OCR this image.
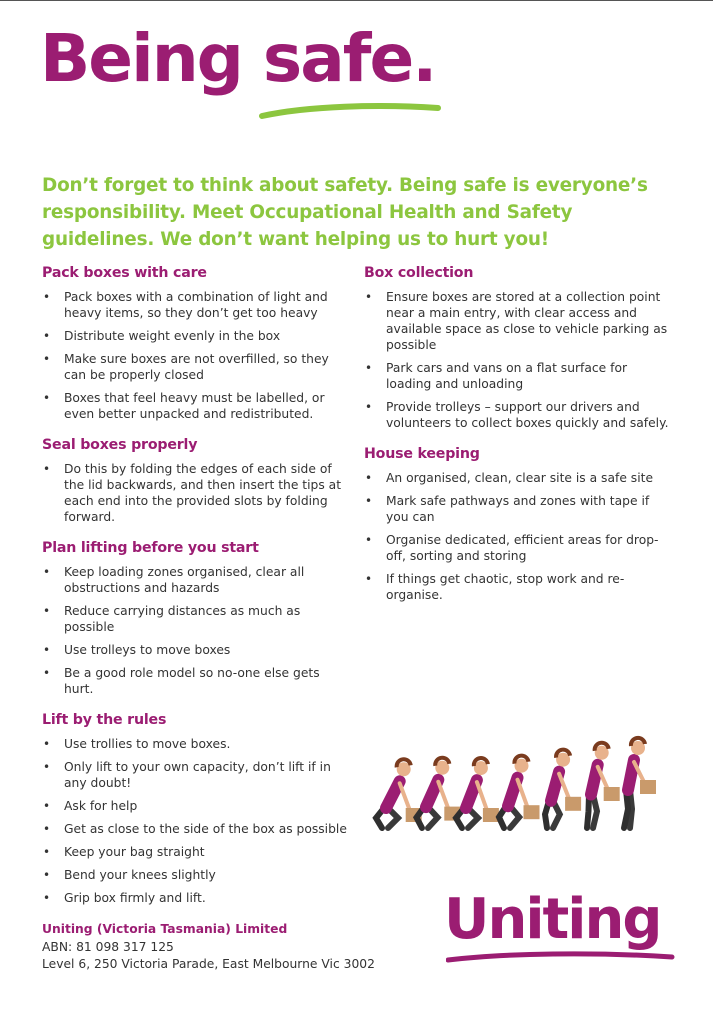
Being safe.

Don’t forget to think about safety. Being safe is everyone’s responsibility. Meet Occupational Health and Safety guidelines. We don’t want helping us to hurt you!

Pack boxes with care
• Pack boxes with a combination of light and heavy items, so they don’t get too heavy
• Distribute weight evenly in the box
• Make sure boxes are not overfilled, so they can be properly closed
• Boxes that feel heavy must be labelled, or even better unpacked and redistributed.
Seal boxes properly
• Do this by folding the edges of each side of the lid backwards, and then insert the tips at each end into the provided slots by folding forward.
Plan lifting before you start
• Keep loading zones organised, clear all obstructions and hazards
• Reduce carrying distances as much as possible
• Use trolleys to move boxes
• Be a good role model so no-one else gets hurt.
Lift by the rules
• Use trollies to move boxes.
• Only lift to your own capacity, don’t lift if in any doubt!
• Ask for help
• Get as close to the side of the box as possible
• Keep your bag straight
• Bend your knees slightly
• Grip box firmly and lift.
Box collection
• Ensure boxes are stored at a collection point near a main entry, with clear access and available space as close to vehicle parking as possible
• Park cars and vans on a flat surface for loading and unloading
• Provide trolleys – support our drivers and volunteers to collect boxes quickly and safely.
House keeping
• An organised, clean, clear site is a safe site
• Mark safe pathways and zones with tape if you can
• Organise dedicated, efficient areas for drop-off, sorting and storing
• If things get chaotic, stop work and re-organise.
Uniting (Victoria Tasmania) Limited
ABN: 81 098 317 125
Level 6, 250 Victoria Parade, East Melbourne Vic 3002
Uniting
